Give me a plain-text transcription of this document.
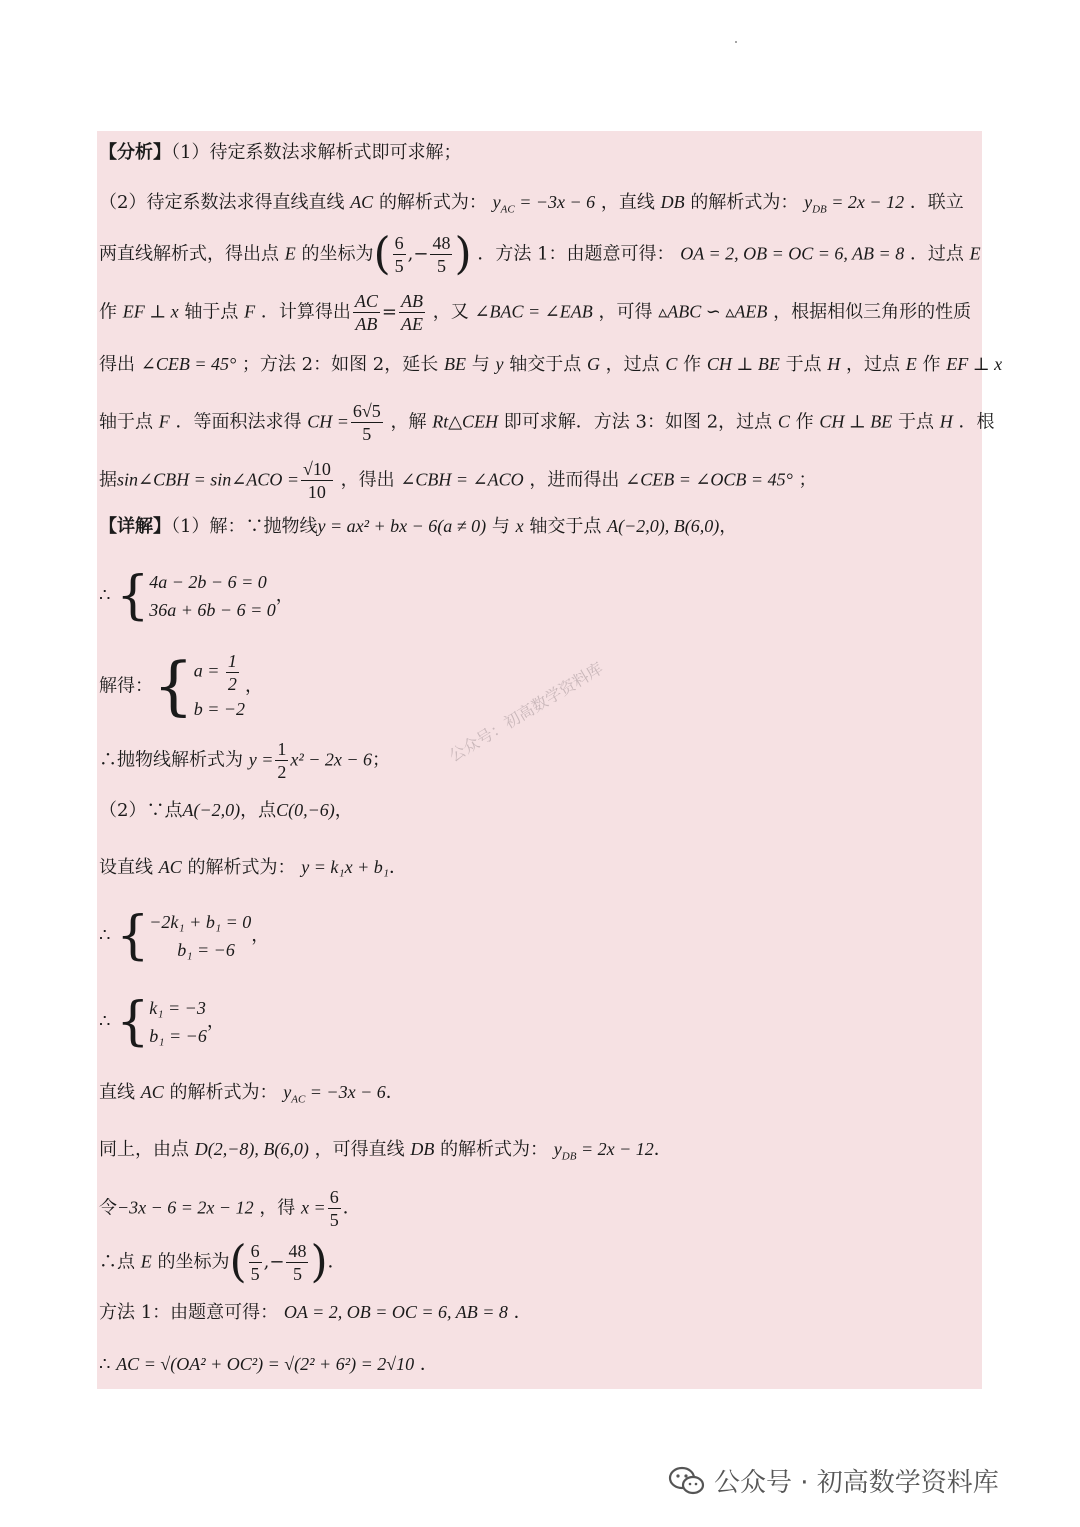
【分析】（1）待定系数法求解析式即可求解；
（2）待定系数法求得直线直线 AC 的解析式为： $y_{AC} = -3x - 6$ ，直线 DB 的解析式为： $y_{DB} = 2x - 12$ ．联立
两直线解析式，得出点 E 的坐标为( $\frac{6}{5}$ ,− $\frac{48}{5}$ ) ．方法 1：由题意可得： OA = 2, OB = OC = 6, AB = 8 ．过点 E
作 EF ⊥ x 轴于点 F ．计算得出 $\frac{AC}{AB} = \frac{AB}{AE}$ ，又 ∠BAC = ∠EAB ，可得 ▵ABC ∽ ▵AEB ，根据相似三角形的性质
得出 ∠CEB = 45° ；方法 2：如图 2，延长 BE 与 y 轴交于点 G ，过点 C 作 CH ⊥ BE 于点 H ，过点 E 作 EF ⊥ x
轴于点 F ．等面积法求得 CH = $\frac{6√5}{5}$ ，解 Rt△CEH 即可求解．方法 3：如图 2，过点 C 作 CH ⊥ BE 于点 H ．根
据sin∠CBH = sin∠ACO = $\frac{√10}{10}$ ，得出 ∠CBH = ∠ACO ，进而得出 ∠CEB = ∠OCB = 45° ；
【详解】（1）解：∵抛物线y = ax² + bx − 6(a ≠ 0) 与 x 轴交于点 A(−2,0), B(6,0)，
∴ { 4a − 2b − 6 = 0
36a + 6b − 6 = 0
，
解得：{ $a = \frac{1}{2}$
b = −2
，
∴抛物线解析式为 $y = \frac{1}{2} x^2 - 2x - 6$；
（2）∵点A(−2,0)，点C(0,−6)，
设直线 AC 的解析式为： y = k₁x + b₁．
∴ { −2k₁ + b₁ = 0
b₁ = −6
，
∴ { k₁ = −3
b₁ = −6
，
直线 AC 的解析式为： $y_{AC} = -3x - 6$．
同上，由点 D(2,−8), B(6,0) ，可得直线 DB 的解析式为： $y_{DB} = 2x - 12$．
令−3x − 6 = 2x − 12 ，得 $x = \frac{6}{5}$ ．
∴点 E 的坐标为( $\frac{6}{5}$ ,− $\frac{48}{5}$ )．
方法 1：由题意可得： OA = 2, OB = OC = 6, AB = 8 ．
∴ AC = √(OA² + OC²) = √(2² + 6²) = 2√10 ．
公众号：初高数学资料库
公众号 · 初高数学资料库
